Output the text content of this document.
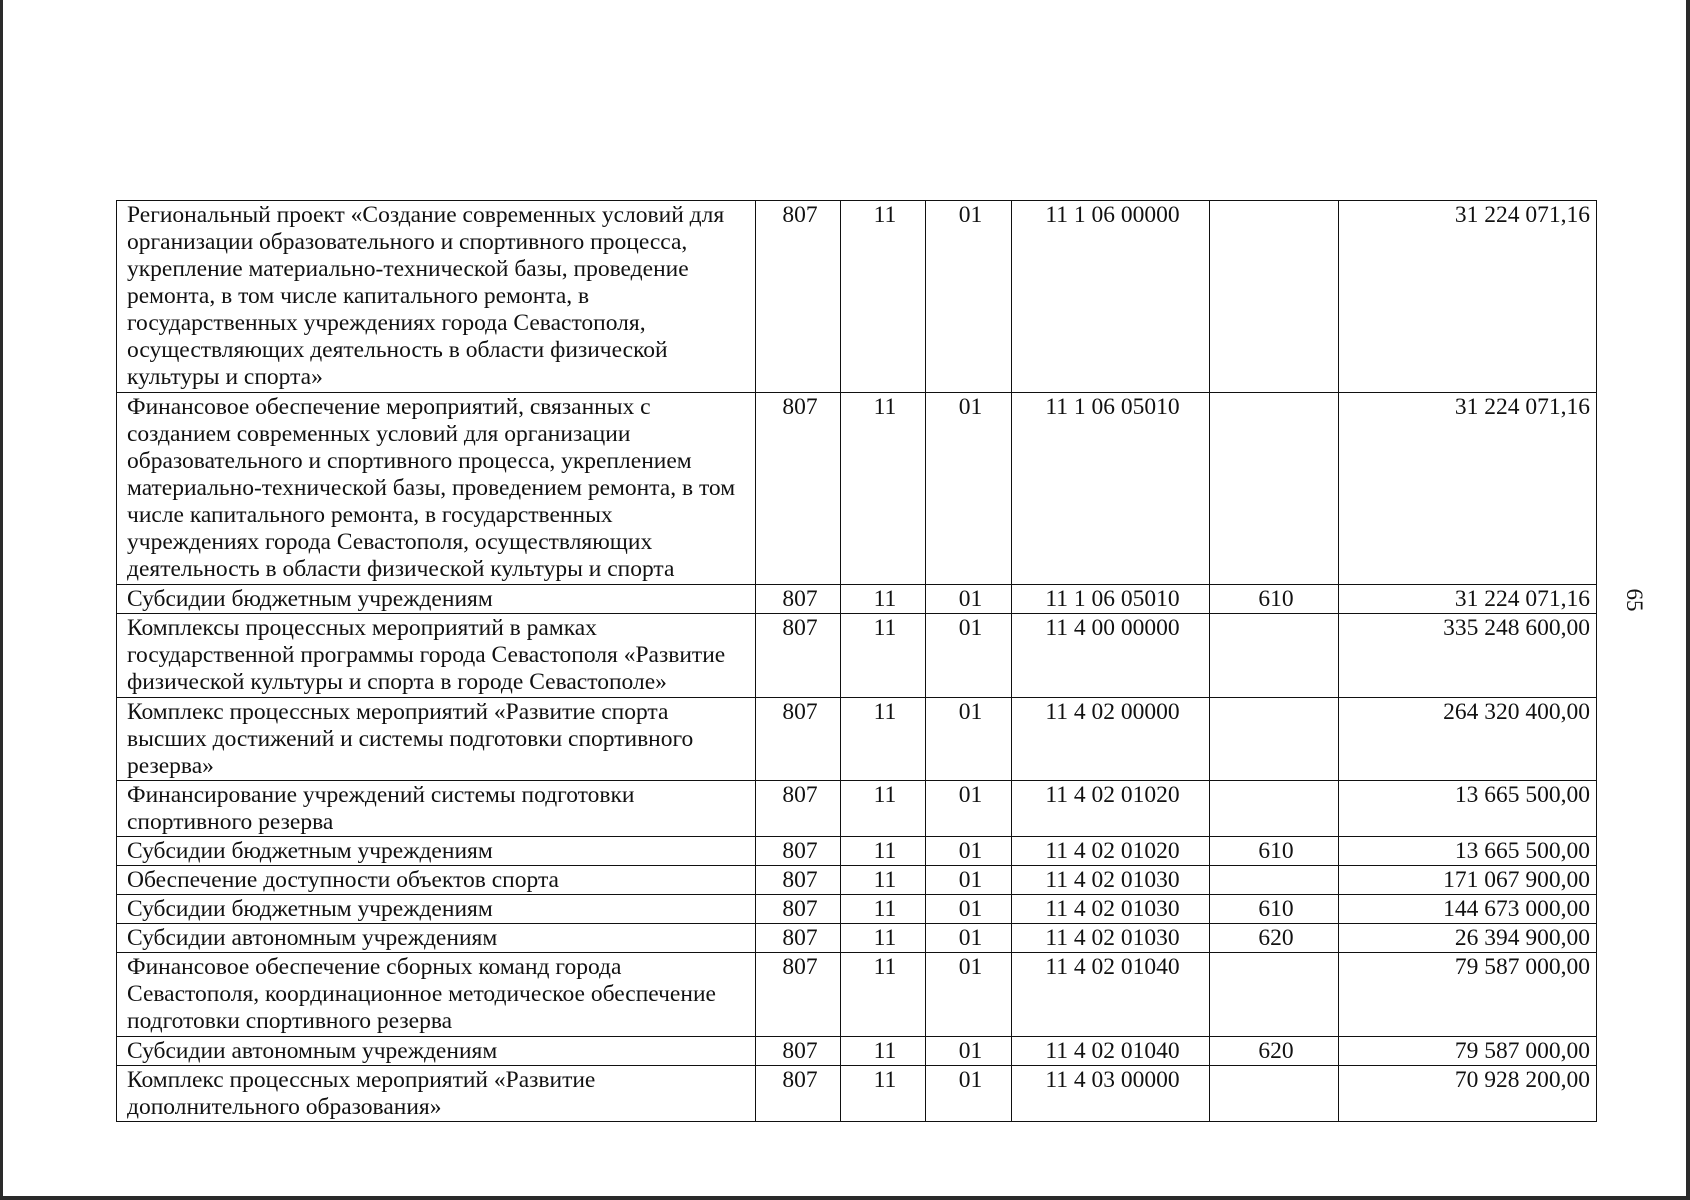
65
Региональный проект «Создание современных условий для организации образовательного и спортивного процесса, укрепление материально-технической базы, проведение ремонта, в том числе капитального ремонта, в государственных учреждениях города Севастополя, осуществляющих деятельность в области физической культуры и спорта»	807	11	01	11 1 06 00000		31 224 071,16
Финансовое обеспечение мероприятий, связанных с созданием современных условий для организации образовательного и спортивного процесса, укреплением материально-технической базы, проведением ремонта, в том числе капитального ремонта, в государственных учреждениях города Севастополя, осуществляющих деятельность в области физической культуры и спорта	807	11	01	11 1 06 05010		31 224 071,16
Субсидии бюджетным учреждениям	807	11	01	11 1 06 05010	610	31 224 071,16
Комплексы процессных мероприятий в рамках государственной программы города Севастополя «Развитие физической культуры и спорта в городе Севастополе»	807	11	01	11 4 00 00000		335 248 600,00
Комплекс процессных мероприятий «Развитие спорта высших достижений и системы подготовки спортивного резерва»	807	11	01	11 4 02 00000		264 320 400,00
Финансирование учреждений системы подготовки спортивного резерва	807	11	01	11 4 02 01020		13 665 500,00
Субсидии бюджетным учреждениям	807	11	01	11 4 02 01020	610	13 665 500,00
Обеспечение доступности объектов спорта	807	11	01	11 4 02 01030		171 067 900,00
Субсидии бюджетным учреждениям	807	11	01	11 4 02 01030	610	144 673 000,00
Субсидии автономным учреждениям	807	11	01	11 4 02 01030	620	26 394 900,00
Финансовое обеспечение сборных команд города Севастополя, координационное методическое обеспечение подготовки спортивного резерва	807	11	01	11 4 02 01040		79 587 000,00
Субсидии автономным учреждениям	807	11	01	11 4 02 01040	620	79 587 000,00
Комплекс процессных мероприятий «Развитие дополнительного образования»	807	11	01	11 4 03 00000		70 928 200,00
